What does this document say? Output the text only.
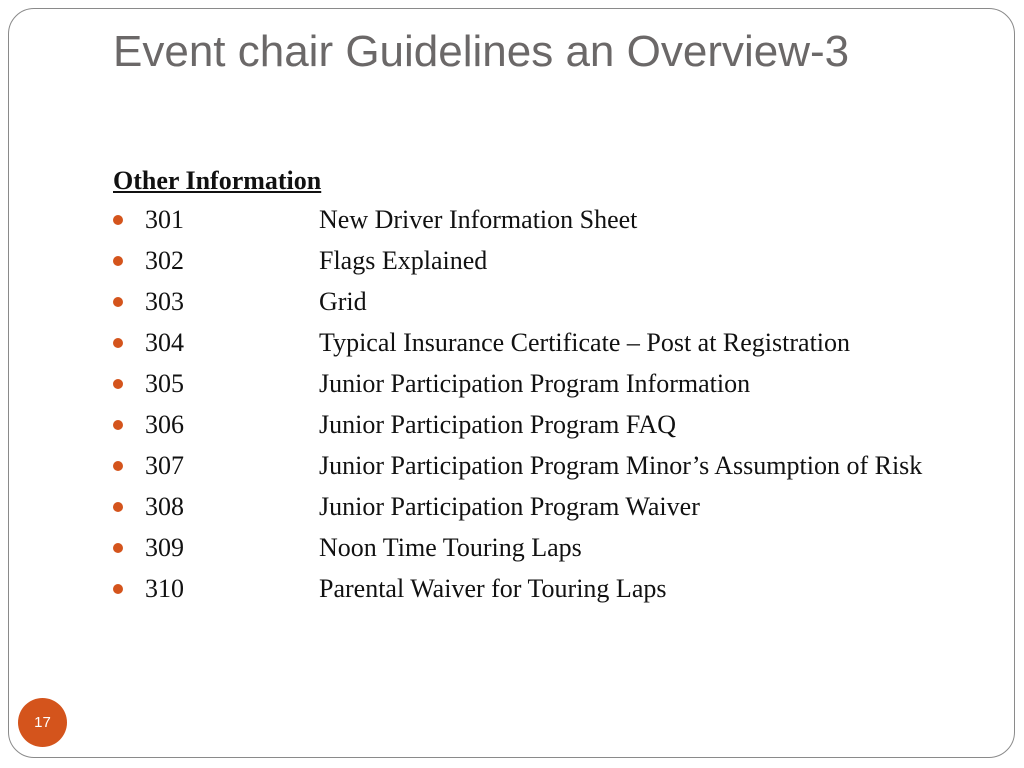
Event chair Guidelines an Overview-3
Other Information
301	New Driver Information Sheet
302	Flags Explained
303	Grid
304	Typical Insurance Certificate – Post at Registration
305	Junior Participation Program Information
306	Junior Participation Program FAQ
307	Junior Participation Program Minor’s Assumption of Risk
308	Junior Participation Program Waiver
309	Noon Time Touring Laps
310	Parental Waiver for Touring Laps
17
